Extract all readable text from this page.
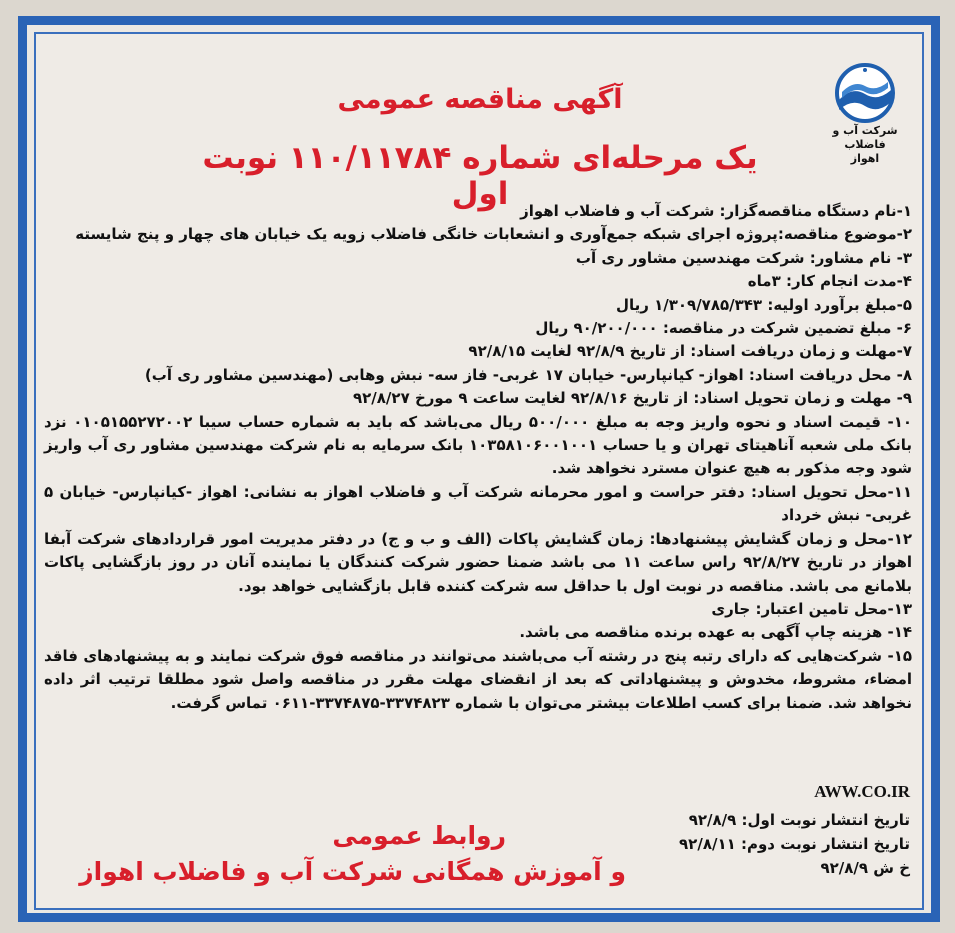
شرکت آب و فاضلاب
اهواز
آگهی مناقصه عمومی
یک مرحله‌ای شماره ۱۱۰/۱۱۷۸۴ نوبت اول ۱-نام دستگاه مناقصه‌گزار: شرکت آب و فاضلاب اهواز

۲-موضوع مناقصه:پروژه اجرای شبکه جمع‌آوری و انشعابات خانگی فاضلاب زویه یک خیابان های چهار و پنج شایسته

۳- نام مشاور: شرکت مهندسین مشاور ری آب

۴-مدت انجام کار: ۳ماه

۵-مبلغ برآورد اولیه: ۱/۳۰۹/۷۸۵/۳۴۳ ریال

۶- مبلغ تضمین شرکت در مناقصه: ۹۰/۲۰۰/۰۰۰ ریال

۷-مهلت و زمان دریافت اسناد: از تاریخ ۹۲/۸/۹ لغایت ۹۲/۸/۱۵

۸- محل دریافت اسناد: اهواز- کیانپارس- خیابان ۱۷ غربی- فاز سه- نبش وهابی (مهندسین مشاور ری آب)

۹- مهلت و زمان تحویل اسناد: از تاریخ ۹۲/۸/۱۶ لغایت ساعت ۹ مورخ ۹۲/۸/۲۷

۱۰- قیمت اسناد و نحوه واریز وجه به مبلغ ۵۰۰/۰۰۰ ریال می‌باشد که باید به شماره حساب سیبا ۰۱۰۵۱۵۵۲۷۲۰۰۲ نزد بانک ملی شعبه آناهیتای تهران و یا حساب ۱۰۳۵۸۱۰۶۰۰۱۰۰۱ بانک سرمایه به نام شرکت مهندسین مشاور ری آب واریز شود وجه مذکور به هیچ عنوان مسترد نخواهد شد.

۱۱-محل تحویل اسناد: دفتر حراست و امور محرمانه شرکت آب و فاضلاب اهواز به نشانی: اهواز -کیانپارس- خیابان ۵ غربی- نبش خرداد

۱۲-محل و زمان گشایش پیشنهادها: زمان گشایش پاکات (الف و ب و ج) در دفتر مدیریت امور قراردادهای شرکت آبفا اهواز در تاریخ ۹۲/۸/۲۷ راس ساعت ۱۱ می باشد ضمنا حضور شرکت کنندگان یا نماینده آنان در روز بازگشایی پاکات بلامانع می باشد. مناقصه در نوبت اول با حداقل سه شرکت کننده قابل بازگشایی خواهد بود.

۱۳-محل تامین اعتبار: جاری

۱۴- هزینه چاپ آگهی به عهده برنده مناقصه می باشد.

۱۵- شرکت‌هایی که دارای رتبه پنج در رشته آب می‌باشند می‌توانند در مناقصه فوق شرکت نمایند و به پیشنهادهای فاقد امضاء، مشروط، مخدوش و پیشنهاداتی که بعد از انقضای مهلت مقرر در مناقصه واصل شود مطلقا ترتیب اثر داده نخواهد شد. ضمنا برای کسب اطلاعات بیشتر می‌توان با شماره ۳۳۷۴۸۲۳-۳۳۷۴۸۷۵-۰۶۱۱ تماس گرفت.

AWW.CO.IR
تاریخ انتشار نوبت اول: ۹۲/۸/۹
تاریخ انتشار نوبت دوم: ۹۲/۸/۱۱
خ ش ۹۲/۸/۹
روابط عمومی
و آموزش همگانی شرکت آب و فاضلاب اهواز
